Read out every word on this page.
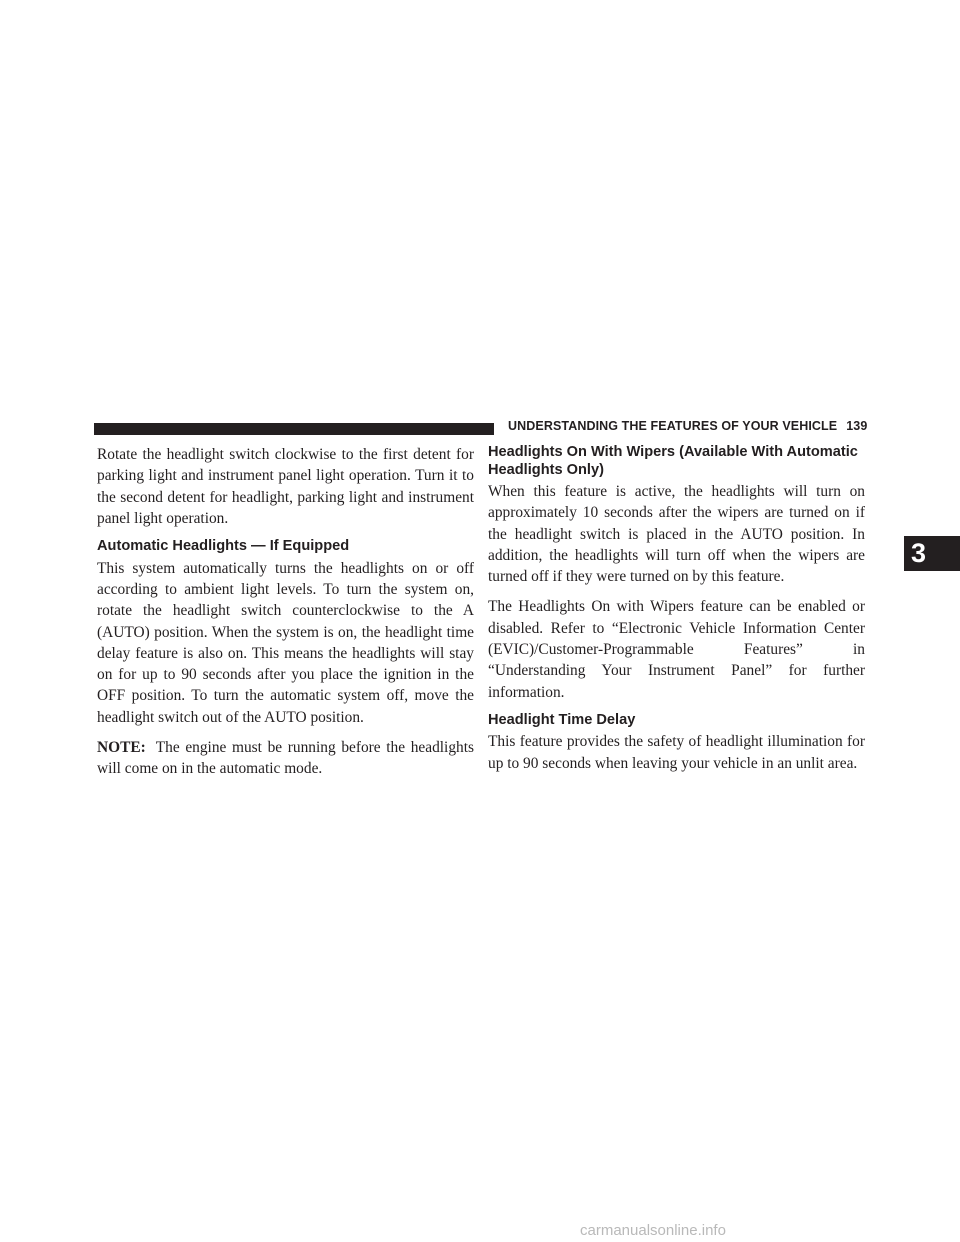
UNDERSTANDING THE FEATURES OF YOUR VEHICLE 139

Rotate the headlight switch clockwise to the first detent for parking light and instrument panel light operation. Turn it to the second detent for headlight, parking light and instrument panel light operation.

Automatic Headlights — If Equipped

This system automatically turns the headlights on or off according to ambient light levels. To turn the system on, rotate the headlight switch counterclockwise to the A (AUTO) position. When the system is on, the headlight time delay feature is also on. This means the headlights will stay on for up to 90 seconds after you place the ignition in the OFF position. To turn the automatic system off, move the headlight switch out of the AUTO position.

NOTE: The engine must be running before the headlights will come on in the automatic mode.

Headlights On With Wipers (Available With Automatic Headlights Only)

When this feature is active, the headlights will turn on approximately 10 seconds after the wipers are turned on if the headlight switch is placed in the AUTO position. In addition, the headlights will turn off when the wipers are turned off if they were turned on by this feature.

The Headlights On with Wipers feature can be enabled or disabled. Refer to “Electronic Vehicle Information Center (EVIC)/Customer-Programmable Features” in “Understanding Your Instrument Panel” for further information.

Headlight Time Delay

This feature provides the safety of headlight illumination for up to 90 seconds when leaving your vehicle in an unlit area.

3
carmanualsonline.info
